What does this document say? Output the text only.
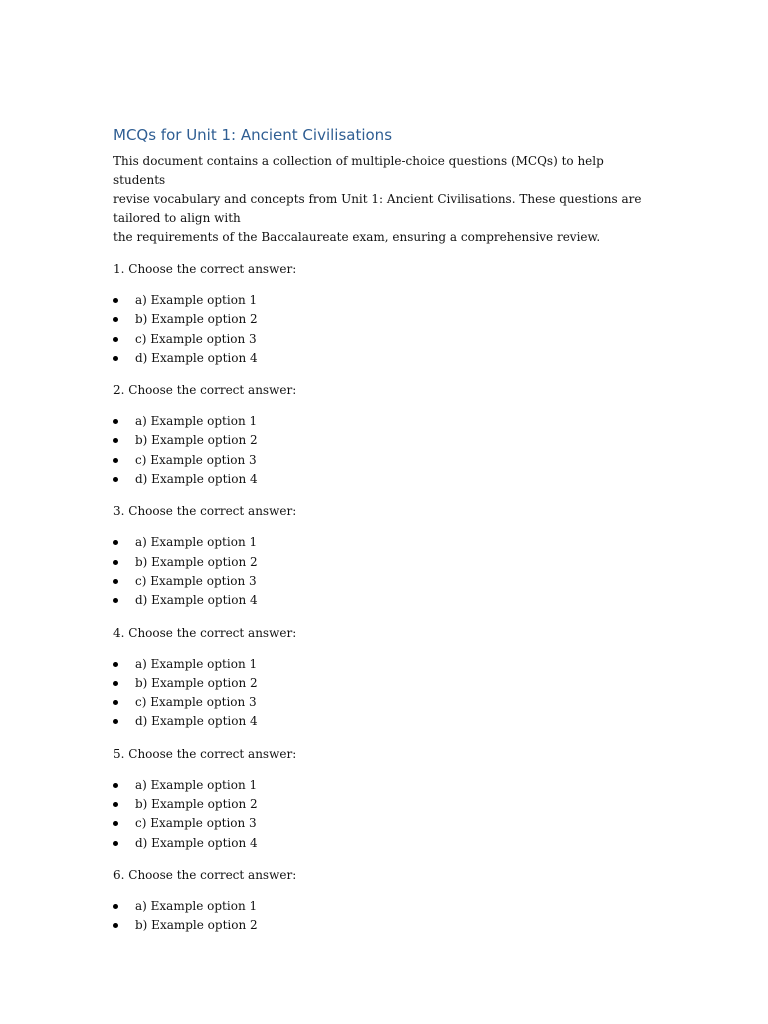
MCQs for Unit 1: Ancient Civilisations

This document contains a collection of multiple-choice questions (MCQs) to help students
revise vocabulary and concepts from Unit 1: Ancient Civilisations. These questions are
tailored to align with
the requirements of the Baccalaureate exam, ensuring a comprehensive review.

1. Choose the correct answer:

a) Example option 1
b) Example option 2
c) Example option 3
d) Example option 4

2. Choose the correct answer:

a) Example option 1
b) Example option 2
c) Example option 3
d) Example option 4

3. Choose the correct answer:

a) Example option 1
b) Example option 2
c) Example option 3
d) Example option 4

4. Choose the correct answer:

a) Example option 1
b) Example option 2
c) Example option 3
d) Example option 4

5. Choose the correct answer:

a) Example option 1
b) Example option 2
c) Example option 3
d) Example option 4

6. Choose the correct answer:

a) Example option 1
b) Example option 2
